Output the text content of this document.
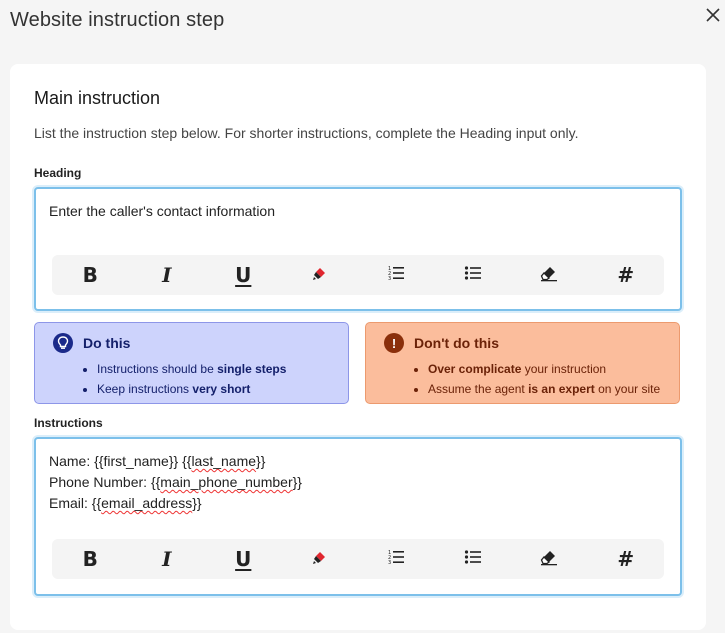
Website instruction step
Main instruction
List the instruction step below. For shorter instructions, complete the Heading input only.
Heading
Enter the caller's contact information
B	I	U	1
2
3	#
Do this
• Instructions should be single steps
• Keep instructions very short
!	Don't do this
• Over complicate your instruction
• Assume the agent is an expert on your site
Instructions
Name: {{first_name}} {{last_name}}
Phone Number: {{main_phone_number}}
Email: {{email_address}}
B	I	U	1
2
3	#
